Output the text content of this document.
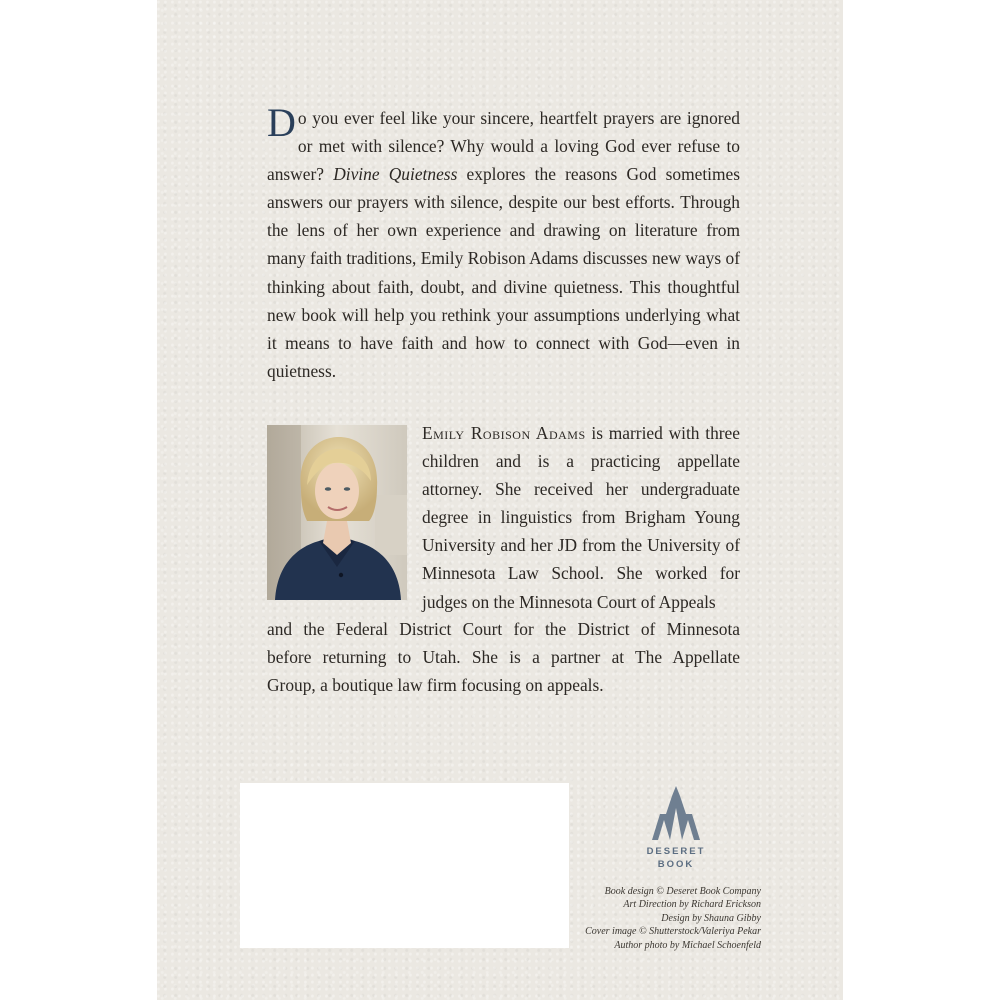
Do you ever feel like your sincere, heartfelt prayers are ignored or met with silence? Why would a loving God ever refuse to answer? Divine Quietness explores the reasons God sometimes answers our prayers with silence, despite our best efforts. Through the lens of her own experience and drawing on literature from many faith traditions, Emily Robison Adams discusses new ways of thinking about faith, doubt, and divine quietness. This thoughtful new book will help you rethink your assumptions underlying what it means to have faith and how to connect with God—even in quietness.

Emily Robison Adams is married with three children and is a practicing appellate attorney. She received her undergraduate degree in linguistics from Brigham Young University and her JD from the University of Minnesota Law School. She worked for judges on the Minnesota Court of Appeals
and the Federal District Court for the District of Minnesota
before returning to Utah. She is a partner at The Appellate
Group, a boutique law firm focusing on appeals.
DESERET
BOOK
Book design © Deseret Book Company
Art Direction by Richard Erickson
Design by Shauna Gibby
Cover image © Shutterstock/Valeriya Pekar
Author photo by Michael Schoenfeld
